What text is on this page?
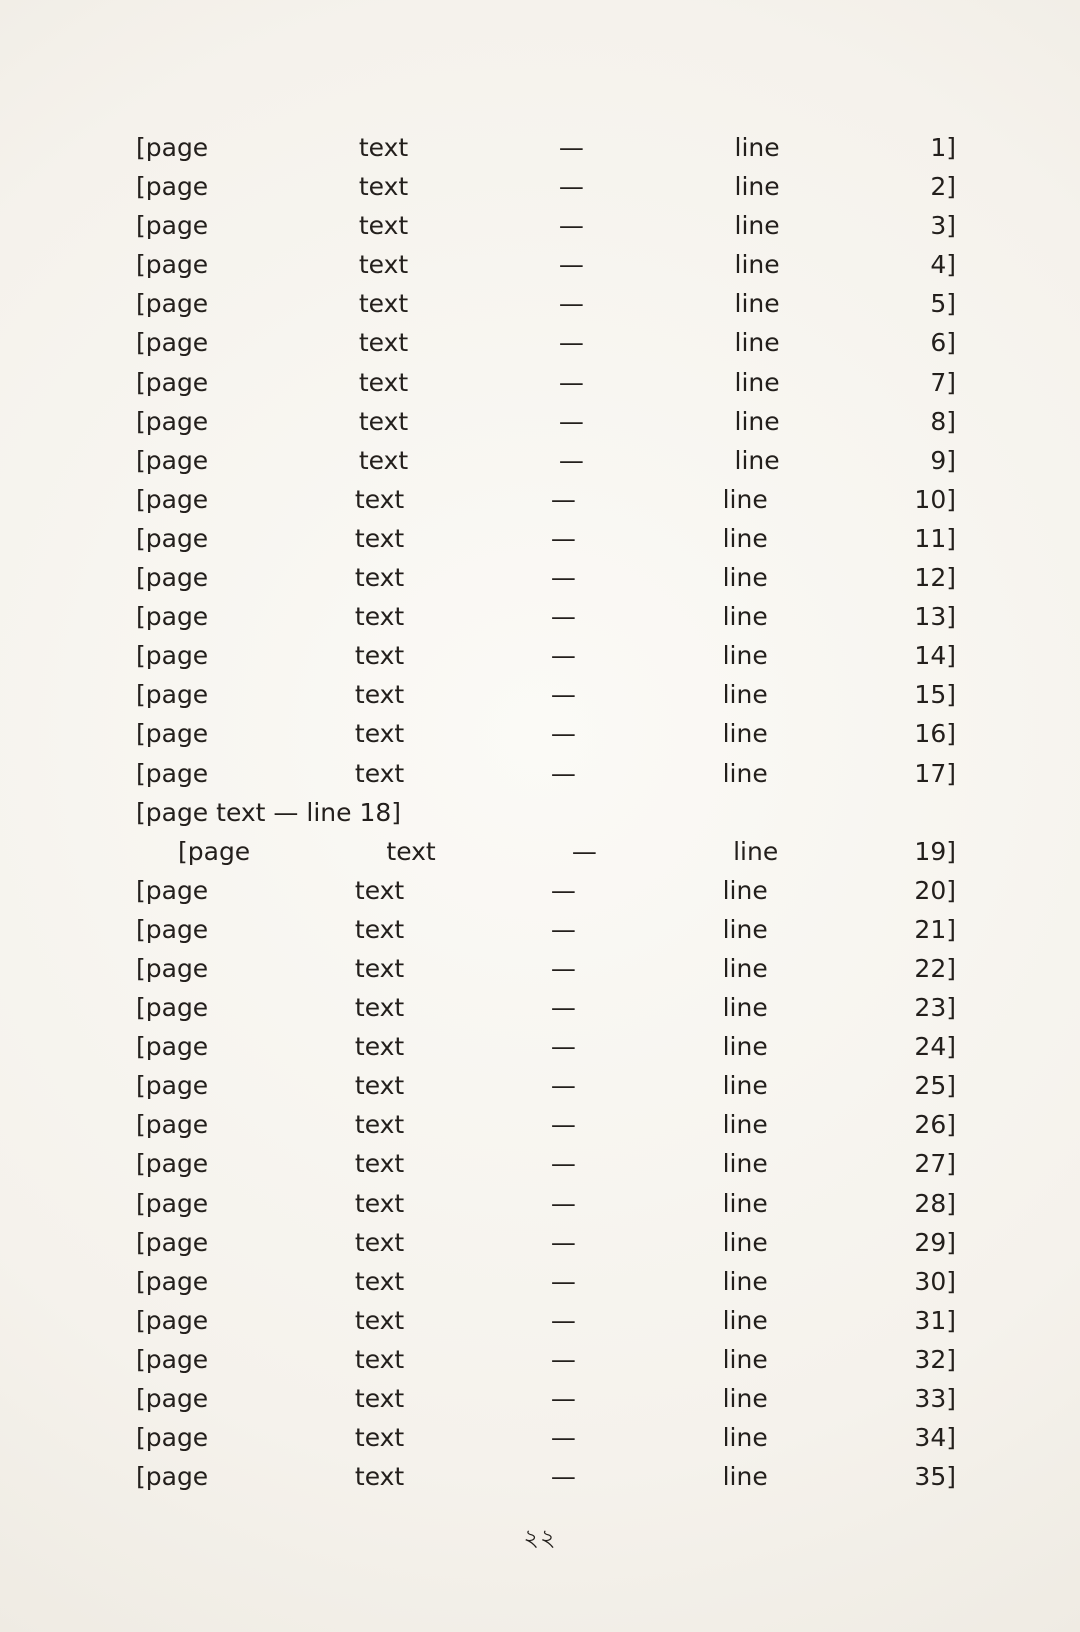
[page text — line 1]
[page text — line 2]
[page text — line 3]
[page text — line 4]
[page text — line 5]
[page text — line 6]
[page text — line 7]
[page text — line 8]
[page text — line 9]
[page text — line 10]
[page text — line 11]
[page text — line 12]
[page text — line 13]
[page text — line 14]
[page text — line 15]
[page text — line 16]
[page text — line 17]
[page text — line 18]
[page text — line 19]
[page text — line 20]
[page text — line 21]
[page text — line 22]
[page text — line 23]
[page text — line 24]
[page text — line 25]
[page text — line 26]
[page text — line 27]
[page text — line 28]
[page text — line 29]
[page text — line 30]
[page text — line 31]
[page text — line 32]
[page text — line 33]
[page text — line 34]
[page text — line 35]
২২
